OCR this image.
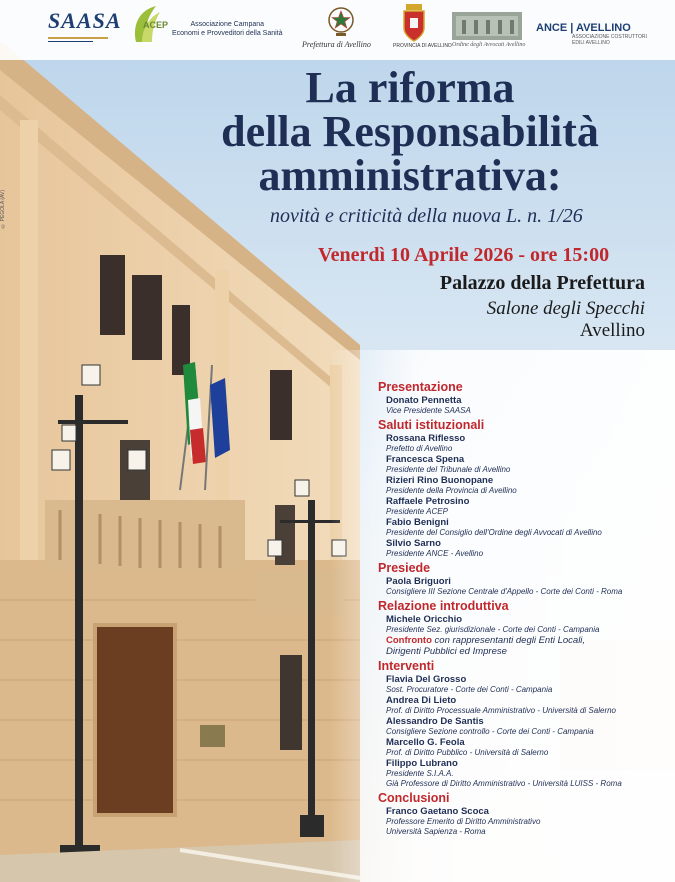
SAASA ACEP	Associazione Campana
Economi e Provveditori della Sanità
Prefettura di Avellino	PROVINCIA DI AVELLINO Ordine degli Avvocati Avellino
ANCE | AVELLINO
ASSOCIAZIONE COSTRUTTORI
EDILI AVELLINO
© PEGOLA (AV)
La riforma
della Responsabilità
amministrativa:
novità e criticità della nuova L. n. 1/26
Venerdì 10 Aprile 2026 - ore 15:00
Palazzo della Prefettura
Salone degli Specchi
Avellino
Presentazione
Donato Pennetta
Vice Presidente SAASA
Saluti istituzionali
Rossana Riflesso
Prefetto di Avellino
Francesca Spena
Presidente del Tribunale di Avellino
Rizieri Rino Buonopane
Presidente della Provincia di Avellino
Raffaele Petrosino
Presidente ACEP
Fabio Benigni
Presidente del Consiglio dell'Ordine degli Avvocati di Avellino
Silvio Sarno
Presidente ANCE - Avellino
Presiede
Paola Briguori
Consigliere III Sezione Centrale d'Appello - Corte dei Conti - Roma
Relazione introduttiva
Michele Oricchio
Presidente Sez. giurisdizionale - Corte dei Conti - Campania
Confronto con rappresentanti degli Enti Locali,
Dirigenti Pubblici ed Imprese
Interventi
Flavia Del Grosso
Sost. Procuratore - Corte dei Conti - Campania
Andrea Di Lieto
Prof. di Diritto Processuale Amministrativo - Università di Salerno
Alessandro De Santis
Consigliere Sezione controllo - Corte dei Conti - Campania
Marcello G. Feola
Prof. di Diritto Pubblico - Università di Salerno
Filippo Lubrano
Presidente S.I.A.A.
Già Professore di Diritto Amministrativo - Università LUISS - Roma
Conclusioni
Franco Gaetano Scoca
Professore Emerito di Diritto Amministrativo
Università Sapienza - Roma
